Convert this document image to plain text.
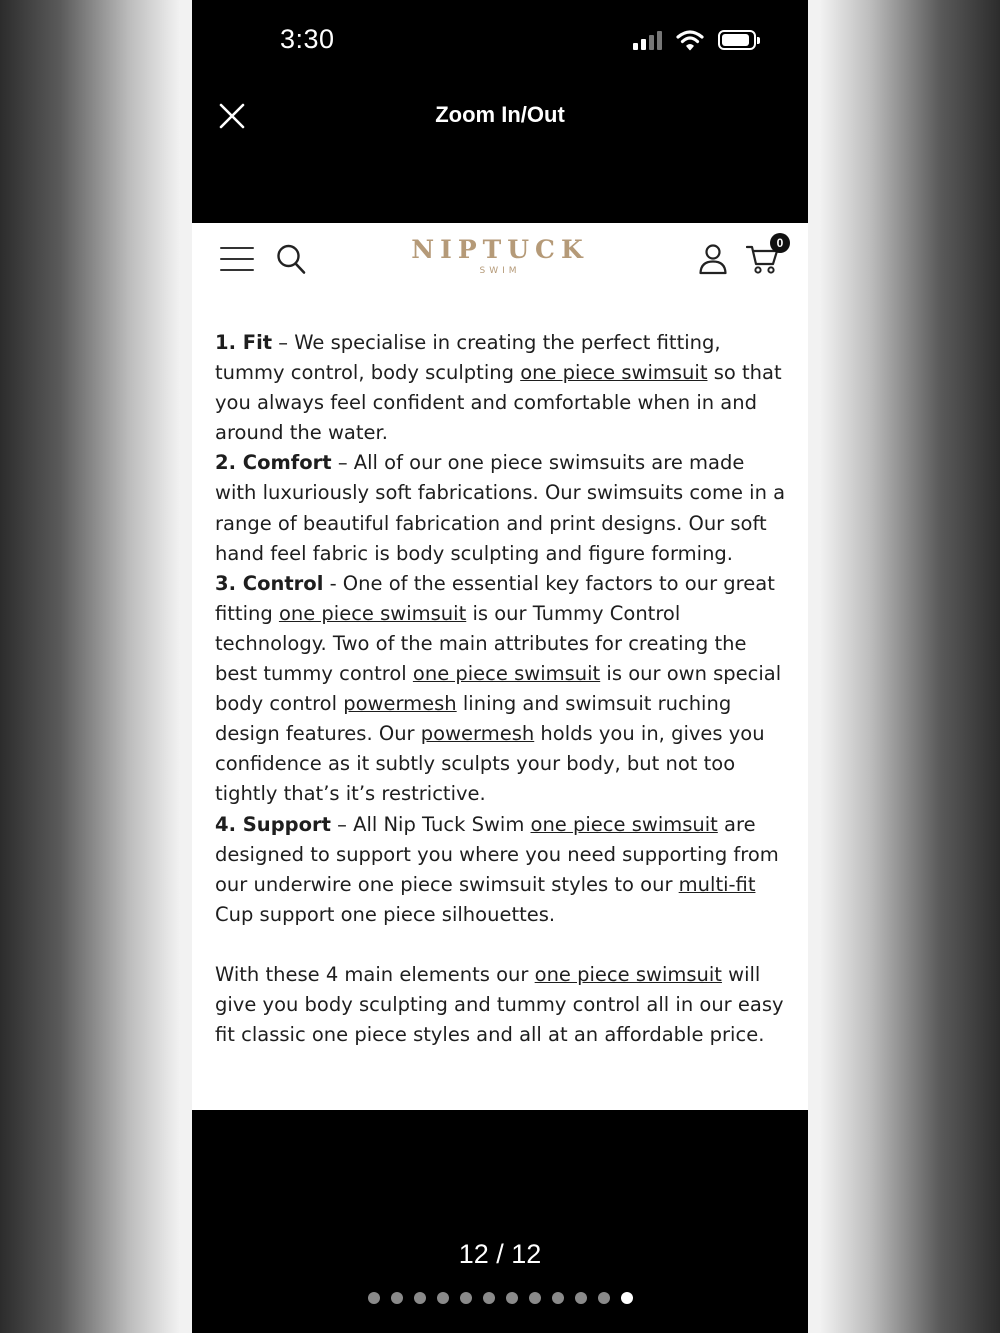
3:30
Zoom In/Out
NIPTUCK
SWIM
0

1. Fit – We specialise in creating the perfect fitting, tummy control, body sculpting one piece swimsuit so that you always feel confident and comfortable when in and around the water.

2. Comfort – All of our one piece swimsuits are made with luxuriously soft fabrications. Our swimsuits come in a range of beautiful fabrication and print designs. Our soft hand feel fabric is body sculpting and figure forming.

3. Control - One of the essential key factors to our great fitting one piece swimsuit is our Tummy Control technology. Two of the main attributes for creating the best tummy control one piece swimsuit is our own special body control powermesh lining and swimsuit ruching design features. Our powermesh holds you in, gives you confidence as it subtly sculpts your body, but not too tightly that’s it’s restrictive.

4. Support – All Nip Tuck Swim one piece swimsuit are designed to support you where you need supporting from our underwire one piece swimsuit styles to our multi-fit Cup support one piece silhouettes.

With these 4 main elements our one piece swimsuit will give you body sculpting and tummy control all in our easy fit classic one piece styles and all at an affordable price.

12 / 12
